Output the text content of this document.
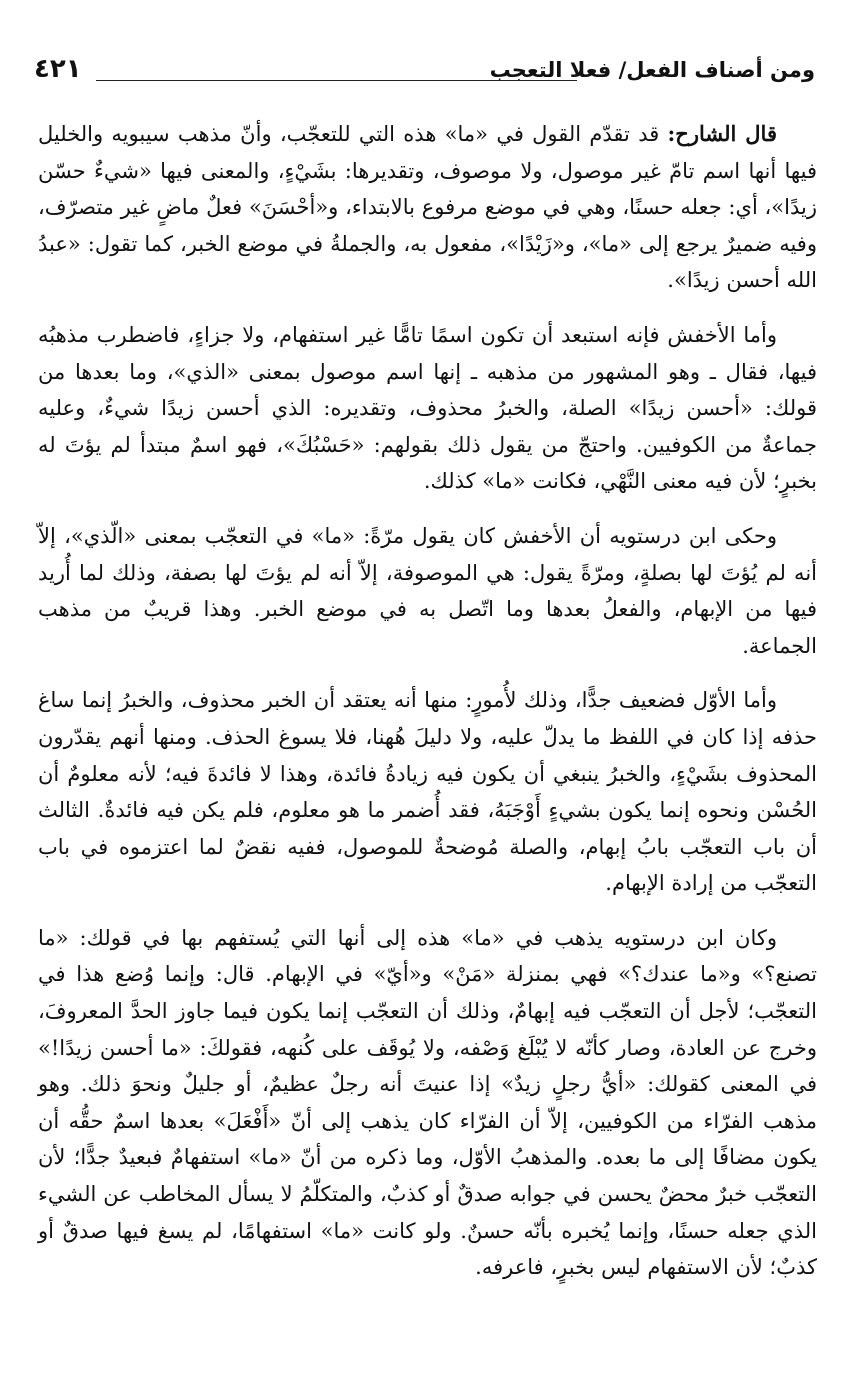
ومن أصناف الفعل/ فعلا التعجب
٤٢١

قال الشارح: قد تقدّم القول في «ما» هذه التي للتعجّب، وأنّ مذهب سيبويه والخليل فيها أنها اسم تامّ غير موصول، ولا موصوف، وتقديرها: بشَيْءٍ، والمعنى فيها «شيءٌ حسّن زيدًا»، أي: جعله حسنًا، وهي في موضع مرفوع بالابتداء، و«أحْسَنَ» فعلٌ ماضٍ غير متصرّف، وفيه ضميرٌ يرجع إلى «ما»، و«زَيْدًا»، مفعول به، والجملةُ في موضع الخبر، كما تقول: «عبدُ الله أحسن زيدًا».

وأما الأخفش فإنه استبعد أن تكون اسمًا تامًّا غير استفهام، ولا جزاءٍ، فاضطرب مذهبُه فيها، فقال ـ وهو المشهور من مذهبه ـ إنها اسم موصول بمعنى «الذي»، وما بعدها من قولك: «أحسن زيدًا» الصلة، والخبرُ محذوف، وتقديره: الذي أحسن زيدًا شيءٌ، وعليه جماعةٌ من الكوفيين. واحتجّ من يقول ذلك بقولهم: «حَسْبُكَ»، فهو اسمٌ مبتدأ لم يؤتَ له بخبرٍ؛ لأن فيه معنى النَّهْي، فكانت «ما» كذلك.

وحكى ابن درستويه أن الأخفش كان يقول مرّةً: «ما» في التعجّب بمعنى «الّذي»، إلاّ أنه لم يُؤتَ لها بصلةٍ، ومرّةً يقول: هي الموصوفة، إلاّ أنه لم يؤتَ لها بصفة، وذلك لما أُريد فيها من الإبهام، والفعلُ بعدها وما اتّصل به في موضع الخبر. وهذا قريبٌ من مذهب الجماعة.

وأما الأوّل فضعيف جدًّا، وذلك لأُمورٍ: منها أنه يعتقد أن الخبر محذوف، والخبرُ إنما ساغ حذفه إذا كان في اللفظ ما يدلّ عليه، ولا دليلَ هُهنا، فلا يسوغ الحذف. ومنها أنهم يقدّرون المحذوف بشَيْءٍ، والخبرُ ينبغي أن يكون فيه زيادةُ فائدة، وهذا لا فائدةَ فيه؛ لأنه معلومٌ أن الحُسْن ونحوه إنما يكون بشيءٍ أَوْجَبَهُ، فقد أُضمر ما هو معلوم، فلم يكن فيه فائدةٌ. الثالث أن باب التعجّب بابُ إبهام، والصلة مُوضحةٌ للموصول، ففيه نقضٌ لما اعتزموه في باب التعجّب من إرادة الإبهام.

وكان ابن درستويه يذهب في «ما» هذه إلى أنها التي يُستفهم بها في قولك: «ما تصنع؟» و«ما عندك؟» فهي بمنزلة «مَنْ» و«أيّ» في الإبهام. قال: وإنما وُضع هذا في التعجّب؛ لأجل أن التعجّب فيه إبهامٌ، وذلك أن التعجّب إنما يكون فيما جاوز الحدَّ المعروفَ، وخرج عن العادة، وصار كأنّه لا يُبْلَغ وَصْفه، ولا يُوقَف على كُنهه، فقولكَ: «ما أحسن زيدًا!» في المعنى كقولك: «أيُّ رجلٍ زيدٌ» إذا عنيتَ أنه رجلٌ عظيمٌ، أو جليلٌ ونحوَ ذلك. وهو مذهب الفرّاء من الكوفيين، إلاّ أن الفرّاء كان يذهب إلى أنّ «أَفْعَلَ» بعدها اسمٌ حقُّه أن يكون مضافًا إلى ما بعده. والمذهبُ الأوّل، وما ذكره من أنّ «ما» استفهامٌ فبعيدٌ جدًّا؛ لأن التعجّب خبرٌ محضٌ يحسن في جوابه صدقٌ أو كذبٌ، والمتكلّمُ لا يسأل المخاطب عن الشيء الذي جعله حسنًا، وإنما يُخبره بأنّه حسنٌ. ولو كانت «ما» استفهامًا، لم يسغ فيها صدقٌ أو كذبٌ؛ لأن الاستفهام ليس بخبرٍ، فاعرفه.
